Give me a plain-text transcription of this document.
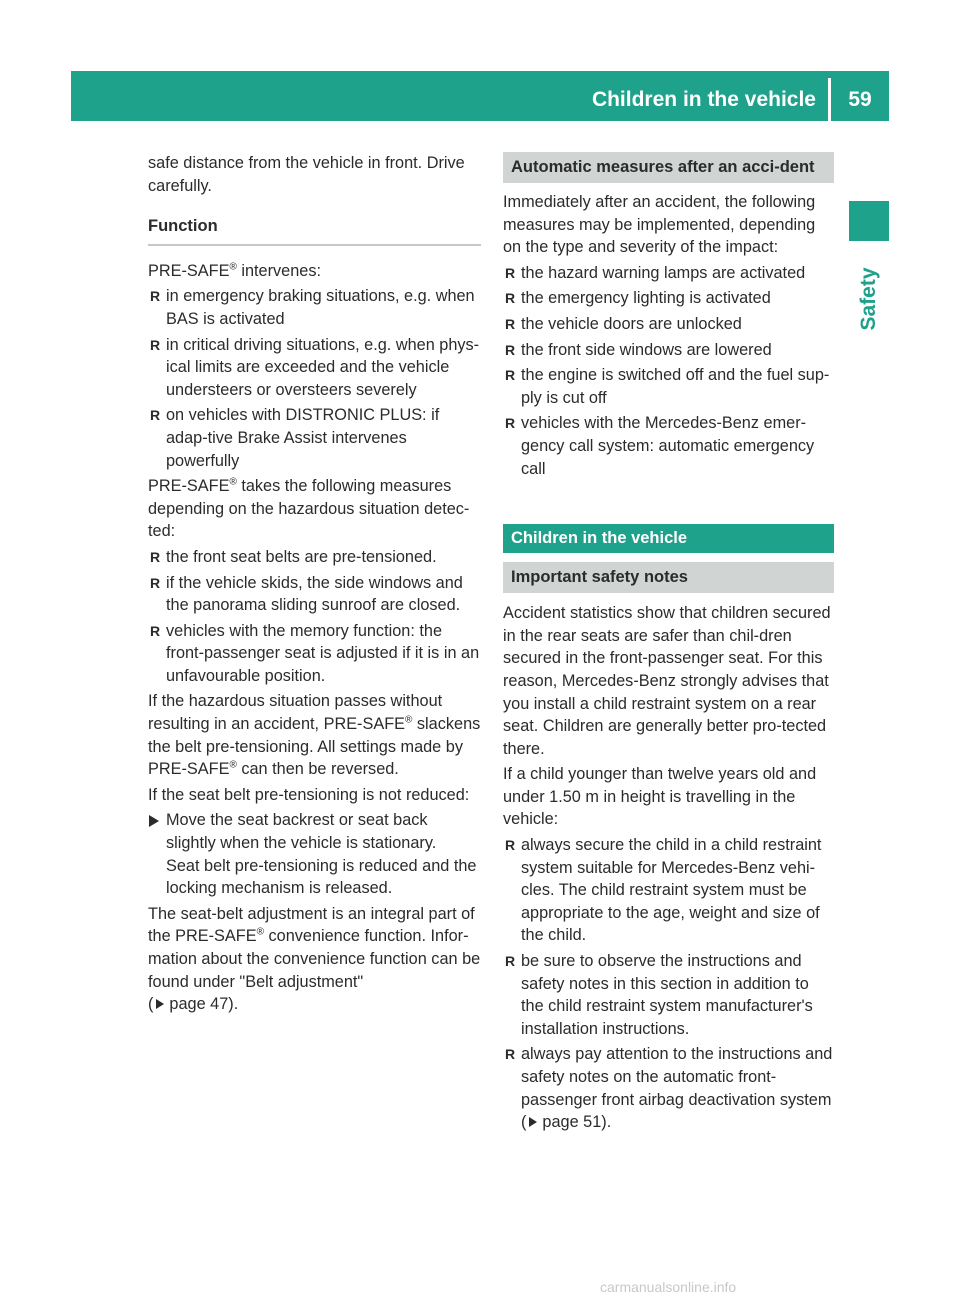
Children in the vehicle	59
Safety

safe distance from the vehicle in front. Drive carefully.

Function

PRE-SAFE® intervenes:

R in emergency braking situations, e.g. when BAS is activated
R in critical driving situations, e.g. when phys-ical limits are exceeded and the vehicle understeers or oversteers severely
R on vehicles with DISTRONIC PLUS: if adap-tive Brake Assist intervenes powerfully

PRE-SAFE® takes the following measures depending on the hazardous situation detec-ted:

R the front seat belts are pre-tensioned.
R if the vehicle skids, the side windows and the panorama sliding sunroof are closed.
R vehicles with the memory function: the front-passenger seat is adjusted if it is in an unfavourable position.

If the hazardous situation passes without resulting in an accident, PRE-SAFE® slackens the belt pre-tensioning. All settings made by PRE-SAFE® can then be reversed.

If the seat belt pre-tensioning is not reduced:

Move the seat backrest or seat back slightly when the vehicle is stationary.

Seat belt pre-tensioning is reduced and the locking mechanism is released.

The seat-belt adjustment is an integral part of the PRE-SAFE® convenience function. Infor-mation about the convenience function can be found under "Belt adjustment"
( page 47).

Automatic measures after an acci-dent

Immediately after an accident, the following measures may be implemented, depending on the type and severity of the impact:

R the hazard warning lamps are activated
R the emergency lighting is activated
R the vehicle doors are unlocked
R the front side windows are lowered
R the engine is switched off and the fuel sup-ply is cut off
R vehicles with the Mercedes-Benz emer-gency call system: automatic emergency call
Children in the vehicle
Important safety notes

Accident statistics show that children secured in the rear seats are safer than chil-dren secured in the front-passenger seat. For this reason, Mercedes-Benz strongly advises that you install a child restraint system on a rear seat. Children are generally better pro-tected there.

If a child younger than twelve years old and under 1.50 m in height is travelling in the vehicle:

R always secure the child in a child restraint system suitable for Mercedes-Benz vehi-cles. The child restraint system must be appropriate to the age, weight and size of the child.
R be sure to observe the instructions and safety notes in this section in addition to the child restraint system manufacturer's installation instructions.
R always pay attention to the instructions and safety notes on the automatic front-passenger front airbag deactivation system
( page 51).
carmanualsonline.info
